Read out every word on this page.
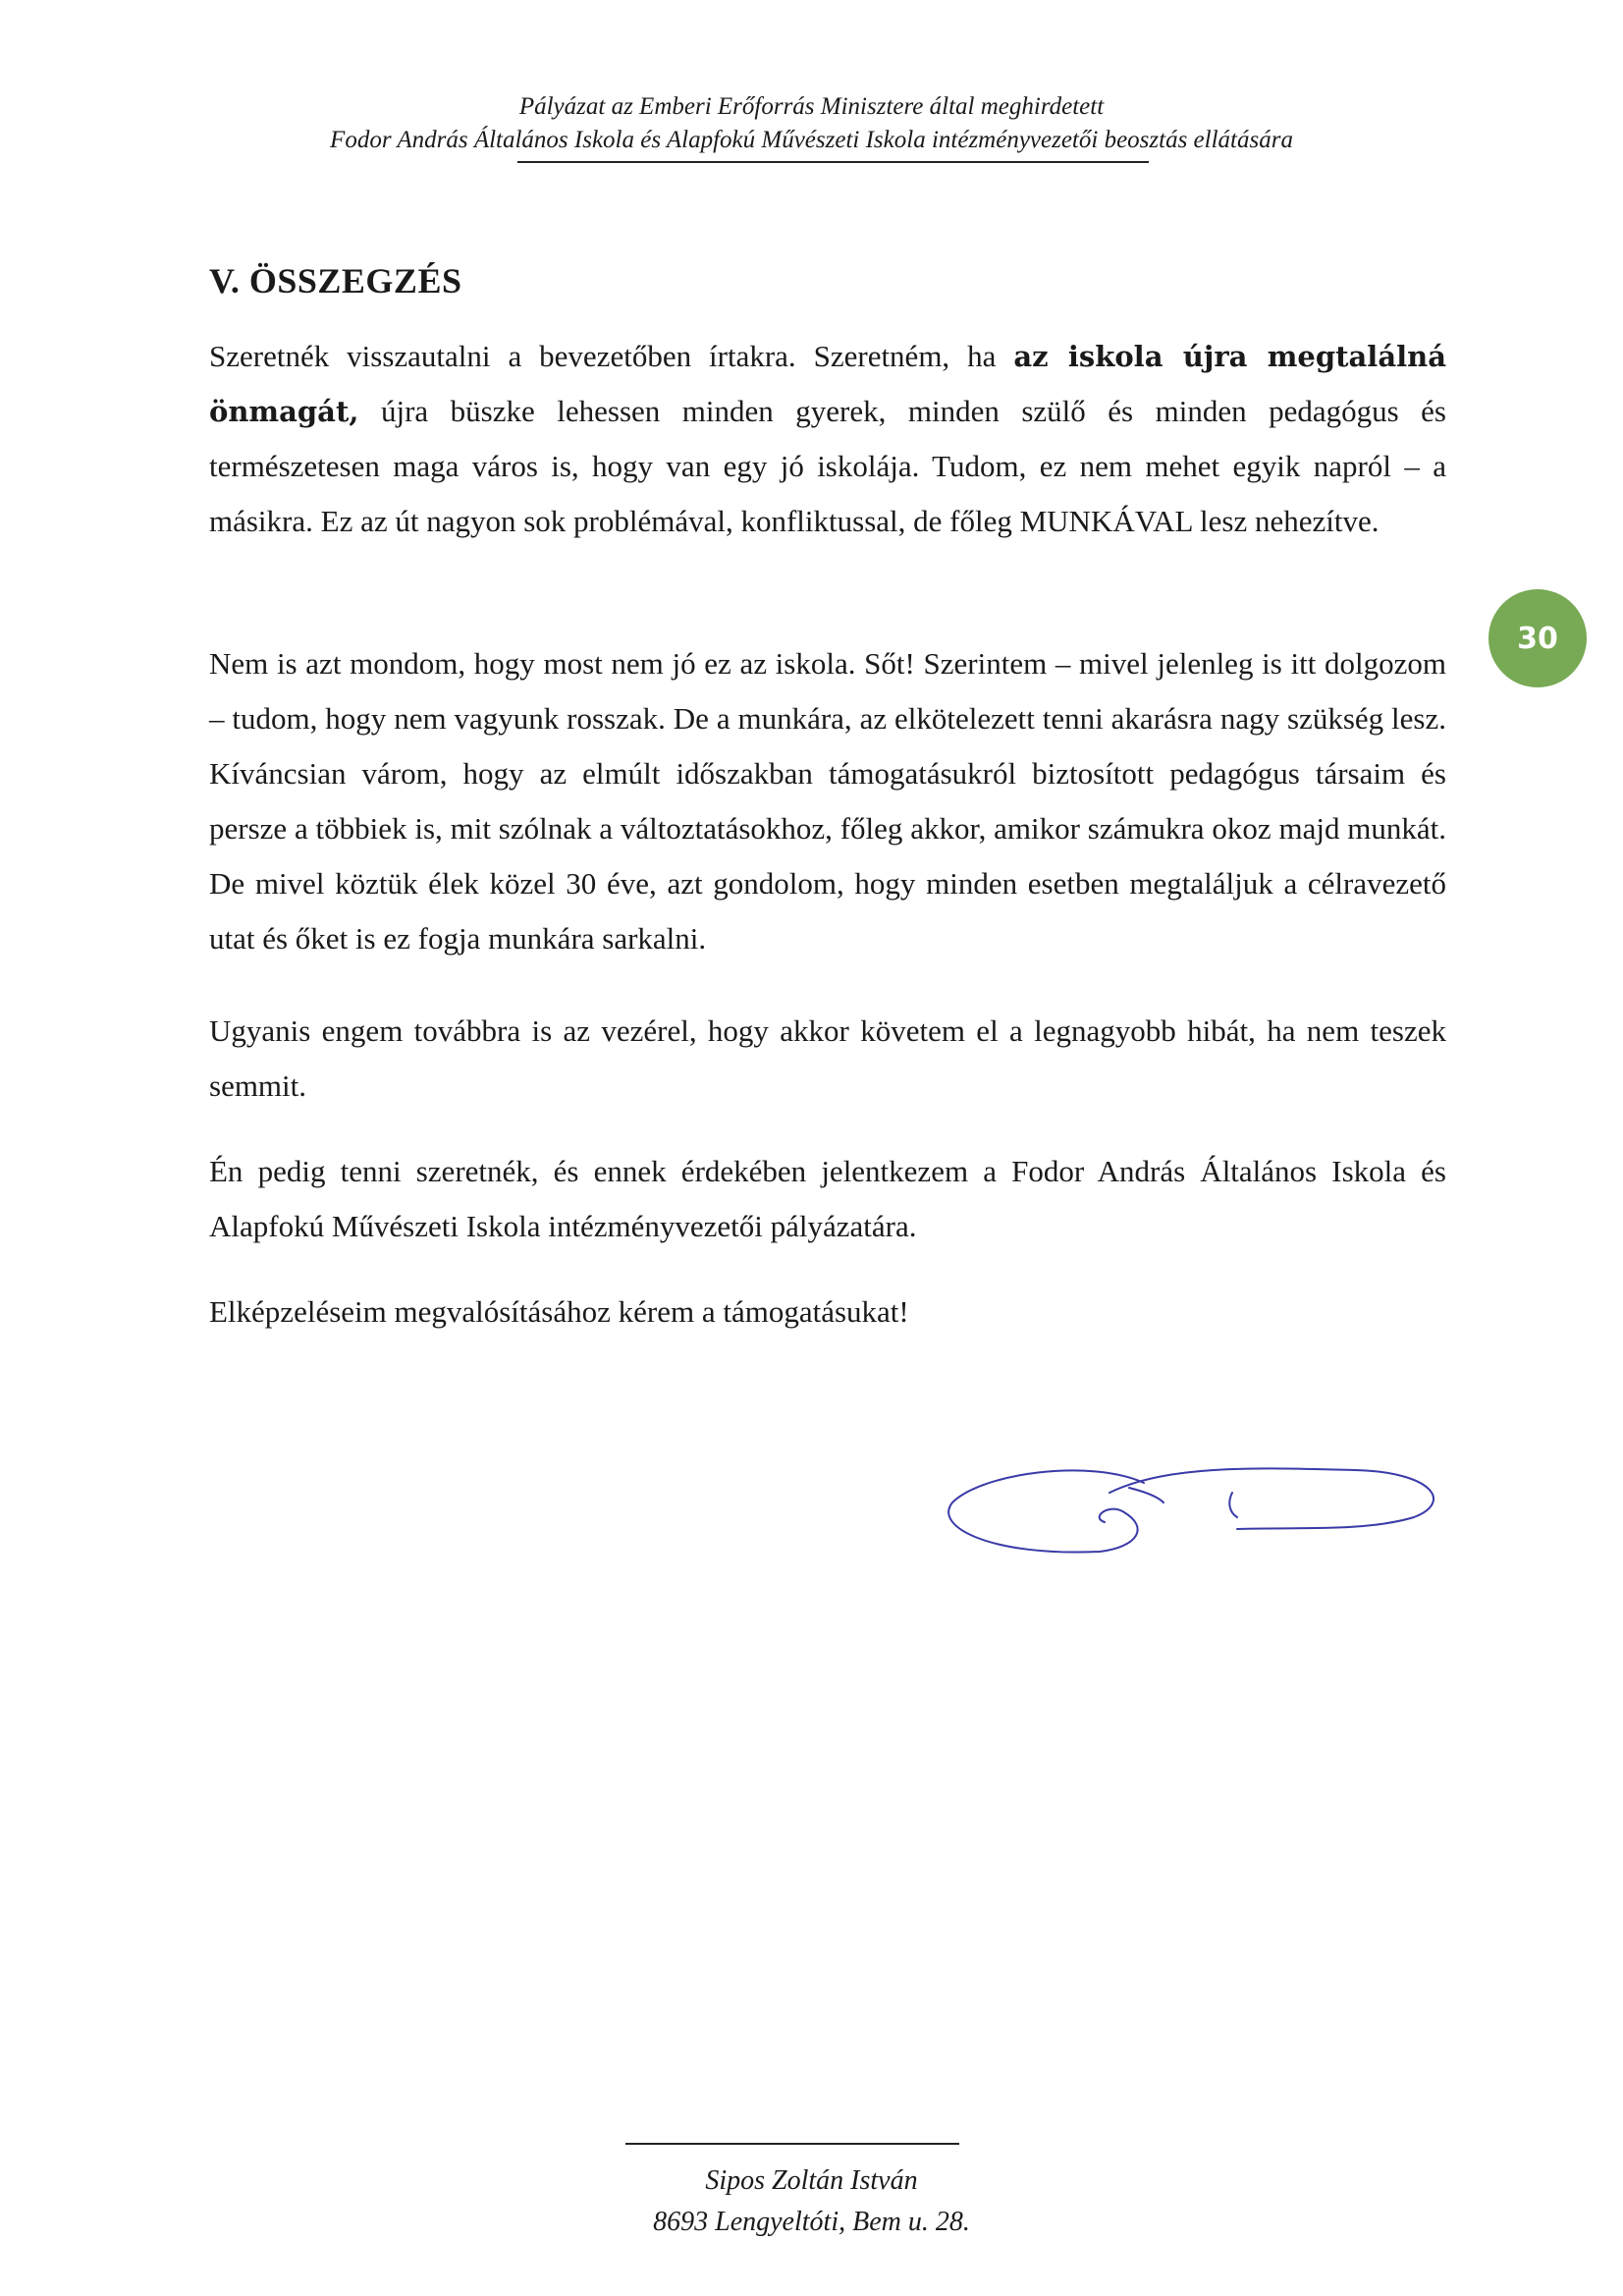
Pályázat az Emberi Erőforrás Minisztere által meghirdetett
Fodor András Általános Iskola és Alapfokú Művészeti Iskola intézményvezetői beosztás ellátására
30
V. ÖSSZEGZÉS

Szeretnék visszautalni a bevezetőben írtakra. Szeretném, ha az iskola újra megtalálná önmagát, újra büszke lehessen minden gyerek, minden szülő és minden pedagógus és természetesen maga város is, hogy van egy jó iskolája. Tudom, ez nem mehet egyik napról – a másikra. Ez az út nagyon sok problémával, konfliktussal, de főleg MUNKÁVAL lesz nehezítve.

Nem is azt mondom, hogy most nem jó ez az iskola. Sőt! Szerintem – mivel jelenleg is itt dolgozom – tudom, hogy nem vagyunk rosszak. De a munkára, az elkötelezett tenni akarásra nagy szükség lesz. Kíváncsian várom, hogy az elmúlt időszakban támogatásukról biztosított pedagógus társaim és persze a többiek is, mit szólnak a változtatásokhoz, főleg akkor, amikor számukra okoz majd munkát. De mivel köztük élek közel 30 éve, azt gondolom, hogy minden esetben megtaláljuk a célravezető utat és őket is ez fogja munkára sarkalni.

Ugyanis engem továbbra is az vezérel, hogy akkor követem el a legnagyobb hibát, ha nem teszek semmit.

Én pedig tenni szeretnék, és ennek érdekében jelentkezem a Fodor András Általános Iskola és Alapfokú Művészeti Iskola intézményvezetői pályázatára.

Elképzeléseim megvalósításához kérem a támogatásukat!

Sipos Zoltán István
8693 Lengyeltóti, Bem u. 28.
